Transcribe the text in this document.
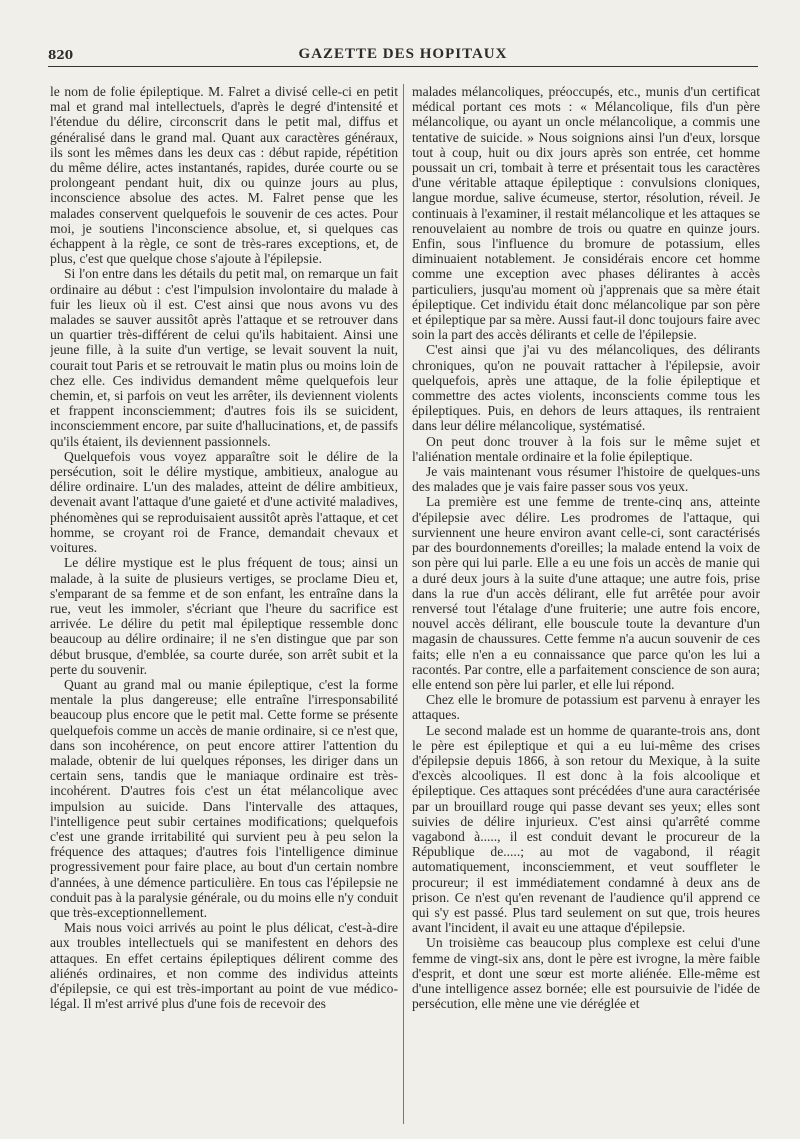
820	GAZETTE DES HOPITAUX

le nom de folie épileptique. M. Falret a divisé celle-ci en petit mal et grand mal intellectuels, d'après le degré d'intensité et l'étendue du délire, circonscrit dans le petit mal, diffus et généralisé dans le grand mal. Quant aux caractères généraux, ils sont les mêmes dans les deux cas : début rapide, répétition du même délire, actes instantanés, rapides, durée courte ou se prolongeant pendant huit, dix ou quinze jours au plus, inconscience absolue des actes. M. Falret pense que les malades conservent quelquefois le souvenir de ces actes. Pour moi, je soutiens l'inconscience absolue, et, si quelques cas échappent à la règle, ce sont de très-rares exceptions, et, de plus, c'est que quelque chose s'ajoute à l'épilepsie.

Si l'on entre dans les détails du petit mal, on remarque un fait ordinaire au début : c'est l'impulsion involontaire du malade à fuir les lieux où il est. C'est ainsi que nous avons vu des malades se sauver aussitôt après l'attaque et se retrouver dans un quartier très-différent de celui qu'ils habitaient. Ainsi une jeune fille, à la suite d'un vertige, se levait souvent la nuit, courait tout Paris et se retrouvait le matin plus ou moins loin de chez elle. Ces individus demandent même quelquefois leur chemin, et, si parfois on veut les arrêter, ils deviennent violents et frappent inconsciemment; d'autres fois ils se suicident, inconsciemment encore, par suite d'hallucinations, et, de passifs qu'ils étaient, ils deviennent passionnels.

Quelquefois vous voyez apparaître soit le délire de la persécution, soit le délire mystique, ambitieux, analogue au délire ordinaire. L'un des malades, atteint de délire ambitieux, devenait avant l'attaque d'une gaieté et d'une activité maladives, phénomènes qui se reproduisaient aussitôt après l'attaque, et cet homme, se croyant roi de France, demandait chevaux et voitures.

Le délire mystique est le plus fréquent de tous; ainsi un malade, à la suite de plusieurs vertiges, se proclame Dieu et, s'emparant de sa femme et de son enfant, les entraîne dans la rue, veut les immoler, s'écriant que l'heure du sacrifice est arrivée. Le délire du petit mal épileptique ressemble donc beaucoup au délire ordinaire; il ne s'en distingue que par son début brusque, d'emblée, sa courte durée, son arrêt subit et la perte du souvenir.

Quant au grand mal ou manie épileptique, c'est la forme mentale la plus dangereuse; elle entraîne l'irresponsabilité beaucoup plus encore que le petit mal. Cette forme se présente quelquefois comme un accès de manie ordinaire, si ce n'est que, dans son incohérence, on peut encore attirer l'attention du malade, obtenir de lui quelques réponses, les diriger dans un certain sens, tandis que le maniaque ordinaire est très-incohérent. D'autres fois c'est un état mélancolique avec impulsion au suicide. Dans l'intervalle des attaques, l'intelligence peut subir certaines modifications; quelquefois c'est une grande irritabilité qui survient peu à peu selon la fréquence des attaques; d'autres fois l'intelligence diminue progressivement pour faire place, au bout d'un certain nombre d'années, à une démence particulière. En tous cas l'épilepsie ne conduit pas à la paralysie générale, ou du moins elle n'y conduit que très-exceptionnellement.

Mais nous voici arrivés au point le plus délicat, c'est-à-dire aux troubles intellectuels qui se manifestent en dehors des attaques. En effet certains épileptiques délirent comme des aliénés ordinaires, et non comme des individus atteints d'épilepsie, ce qui est très-important au point de vue médico-légal. Il m'est arrivé plus d'une fois de recevoir des

malades mélancoliques, préoccupés, etc., munis d'un certificat médical portant ces mots : « Mélancolique, fils d'un père mélancolique, ou ayant un oncle mélancolique, a commis une tentative de suicide. » Nous soignions ainsi l'un d'eux, lorsque tout à coup, huit ou dix jours après son entrée, cet homme poussait un cri, tombait à terre et présentait tous les caractères d'une véritable attaque épileptique : convulsions cloniques, langue mordue, salive écumeuse, stertor, résolution, réveil. Je continuais à l'examiner, il restait mélancolique et les attaques se renouvelaient au nombre de trois ou quatre en quinze jours. Enfin, sous l'influence du bromure de potassium, elles diminuaient notablement. Je considérais encore cet homme comme une exception avec phases délirantes à accès particuliers, jusqu'au moment où j'apprenais que sa mère était épileptique. Cet individu était donc mélancolique par son père et épileptique par sa mère. Aussi faut-il donc toujours faire avec soin la part des accès délirants et celle de l'épilepsie.

C'est ainsi que j'ai vu des mélancoliques, des délirants chroniques, qu'on ne pouvait rattacher à l'épilepsie, avoir quelquefois, après une attaque, de la folie épileptique et commettre des actes violents, inconscients comme tous les épileptiques. Puis, en dehors de leurs attaques, ils rentraient dans leur délire mélancolique, systématisé.

On peut donc trouver à la fois sur le même sujet et l'aliénation mentale ordinaire et la folie épileptique.

Je vais maintenant vous résumer l'histoire de quelques-uns des malades que je vais faire passer sous vos yeux.

La première est une femme de trente-cinq ans, atteinte d'épilepsie avec délire. Les prodromes de l'attaque, qui surviennent une heure environ avant celle-ci, sont caractérisés par des bourdonnements d'oreilles; la malade entend la voix de son père qui lui parle. Elle a eu une fois un accès de manie qui a duré deux jours à la suite d'une attaque; une autre fois, prise dans la rue d'un accès délirant, elle fut arrêtée pour avoir renversé tout l'étalage d'une fruiterie; une autre fois encore, nouvel accès délirant, elle bouscule toute la devanture d'un magasin de chaussures. Cette femme n'a aucun souvenir de ces faits; elle n'en a eu connaissance que parce qu'on les lui a racontés. Par contre, elle a parfaitement conscience de son aura; elle entend son père lui parler, et elle lui répond.

Chez elle le bromure de potassium est parvenu à enrayer les attaques.

Le second malade est un homme de quarante-trois ans, dont le père est épileptique et qui a eu lui-même des crises d'épilepsie depuis 1866, à son retour du Mexique, à la suite d'excès alcooliques. Il est donc à la fois alcoolique et épileptique. Ces attaques sont précédées d'une aura caractérisée par un brouillard rouge qui passe devant ses yeux; elles sont suivies de délire injurieux. C'est ainsi qu'arrêté comme vagabond à....., il est conduit devant le procureur de la République de.....; au mot de vagabond, il réagit automatiquement, inconsciemment, et veut souffleter le procureur; il est immédiatement condamné à deux ans de prison. Ce n'est qu'en revenant de l'audience qu'il apprend ce qui s'y est passé. Plus tard seulement on sut que, trois heures avant l'incident, il avait eu une attaque d'épilepsie.

Un troisième cas beaucoup plus complexe est celui d'une femme de vingt-six ans, dont le père est ivrogne, la mère faible d'esprit, et dont une sœur est morte aliénée. Elle-même est d'une intelligence assez bornée; elle est poursuivie de l'idée de persécution, elle mène une vie déréglée et
